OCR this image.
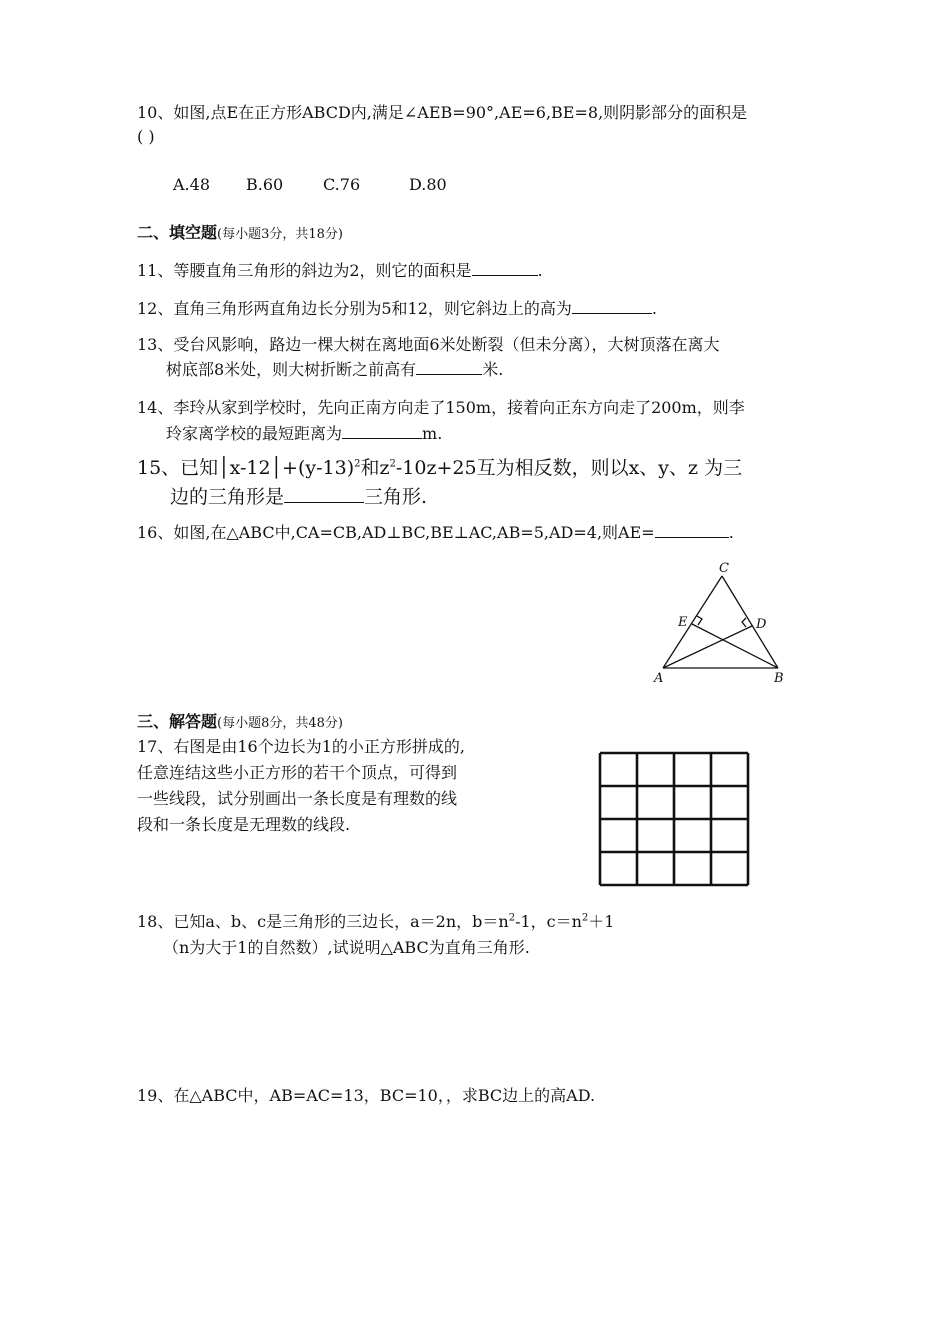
10、如图,点E在正方形ABCD内,满足∠AEB=90°,AE=6,BE=8,则阴影部分的面积是
( )
A.48 B.60 C.76	D.80
二、填空题(每小题3分，共18分)
11、等腰直角三角形的斜边为2，则它的面积是	.
12、直角三角形两直角边长分别为5和12，则它斜边上的高为	.
13、受台风影响，路边一棵大树在离地面6米处断裂（但未分离），大树顶落在离大
树底部8米处，则大树折断之前高有	米.
14、李玲从家到学校时，先向正南方向走了150m，接着向正东方向走了200m，则李
玲家离学校的最短距离为	m.
15、已知$│x-12│+(y-13)^2$和$z^2-10z+25$互为相反数，则以x、y、z 为三
边的三角形是	三角形.
16、如图,在△ABC中,CA=CB,AD⊥BC,BE⊥AC,AB=5,AD=4,则AE=	.
C
E	D
A	B
三、解答题(每小题8分，共48分)
17、右图是由16个边长为1的小正方形拼成的,
任意连结这些小正方形的若干个顶点，可得到
一些线段，试分别画出一条长度是有理数的线
段和一条长度是无理数的线段.
18、已知a、b、c是三角形的三边长，a＝2n，$b=n^2-1$，$c=n^2+1$
（n为大于1的自然数）,试说明△ABC为直角三角形.
19、在△ABC中，AB=AC=13，BC=10，，求BC边上的高AD.
